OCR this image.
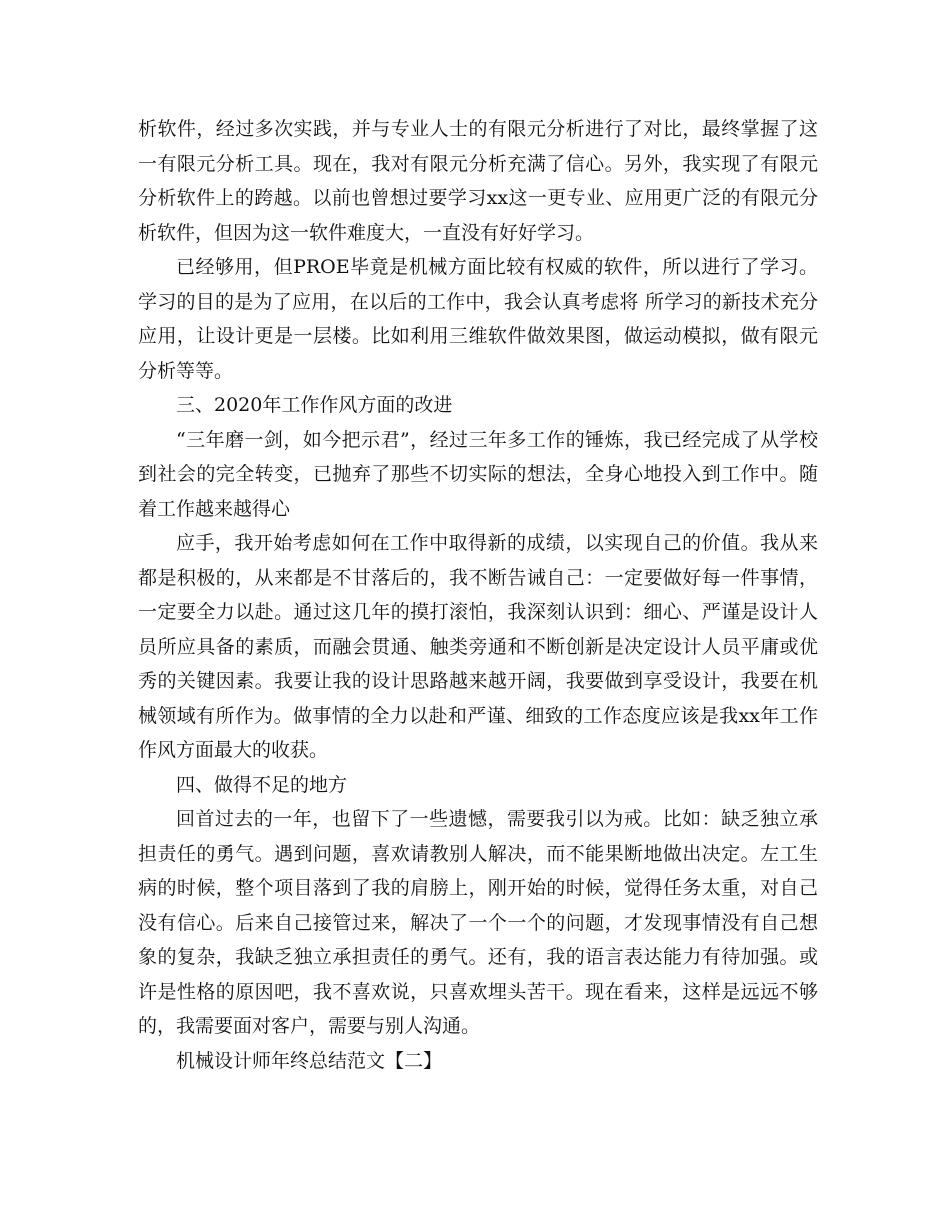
析软件，经过多次实践，并与专业人士的有限元分析进行了对比，最终掌握了这一有限元分析工具。现在，我对有限元分析充满了信心。另外，我实现了有限元分析软件上的跨越。以前也曾想过要学习xx这一更专业、应用更广泛的有限元分析软件，但因为这一软件难度大，一直没有好好学习。

已经够用，但PROE毕竟是机械方面比较有权威的软件，所以进行了学习。学习的目的是为了应用，在以后的工作中，我会认真考虑将 所学习的新技术充分应用，让设计更是一层楼。比如利用三维软件做效果图，做运动模拟，做有限元分析等等。

三、2020年工作作风方面的改进

“三年磨一剑，如今把示君”，经过三年多工作的锤炼，我已经完成了从学校到社会的完全转变，已抛弃了那些不切实际的想法，全身心地投入到工作中。随着工作越来越得心

应手，我开始考虑如何在工作中取得新的成绩，以实现自己的价值。我从来都是积极的，从来都是不甘落后的，我不断告诫自己：一定要做好每一件事情，一定要全力以赴。通过这几年的摸打滚怕，我深刻认识到：细心、严谨是设计人员所应具备的素质，而融会贯通、触类旁通和不断创新是决定设计人员平庸或优秀的关键因素。我要让我的设计思路越来越开阔，我要做到享受设计，我要在机械领域有所作为。做事情的全力以赴和严谨、细致的工作态度应该是我xx年工作作风方面最大的收获。

四、做得不足的地方

回首过去的一年，也留下了一些遗憾，需要我引以为戒。比如：缺乏独立承担责任的勇气。遇到问题，喜欢请教别人解决，而不能果断地做出决定。左工生病的时候，整个项目落到了我的肩膀上，刚开始的时候，觉得任务太重，对自己没有信心。后来自己接管过来，解决了一个一个的问题，才发现事情没有自己想象的复杂，我缺乏独立承担责任的勇气。还有，我的语言表达能力有待加强。或许是性格的原因吧，我不喜欢说，只喜欢埋头苦干。现在看来，这样是远远不够的，我需要面对客户，需要与别人沟通。

机械设计师年终总结范文【二】
